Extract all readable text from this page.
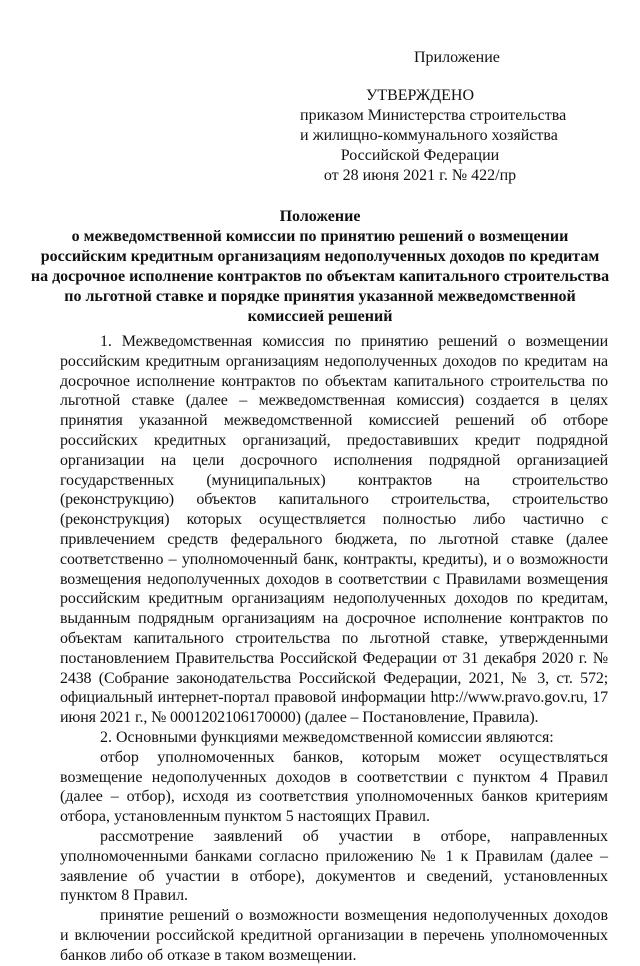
Приложение
УТВЕРЖДЕНО
приказом Министерства строительства
и жилищно-коммунального хозяйства
Российской Федерации
от 28 июня 2021 г. № 422/пр
Положение
о межведомственной комиссии по принятию решений о возмещении
российским кредитным организациям недополученных доходов по кредитам
на досрочное исполнение контрактов по объектам капитального строительства
по льготной ставке и порядке принятия указанной межведомственной
комиссией решений

1. Межведомственная комиссия по принятию решений о возмещении российским кредитным организациям недополученных доходов по кредитам на досрочное исполнение контрактов по объектам капитального строительства по льготной ставке (далее – межведомственная комиссия) создается в целях принятия указанной межведомственной комиссией решений об отборе российских кредитных организаций, предоставивших кредит подрядной организации на цели досрочного исполнения подрядной организацией государственных (муниципальных) контрактов на строительство (реконструкцию) объектов капитального строительства, строительство (реконструкция) которых осуществляется полностью либо частично с привлечением средств федерального бюджета, по льготной ставке (далее соответственно – уполномоченный банк, контракты, кредиты), и о возможности возмещения недополученных доходов в соответствии с Правилами возмещения российским кредитным организациям недополученных доходов по кредитам, выданным подрядным организациям на досрочное исполнение контрактов по объектам капитального строительства по льготной ставке, утвержденными постановлением Правительства Российской Федерации от 31 декабря 2020 г. № 2438 (Собрание законодательства Российской Федерации, 2021, № 3, ст. 572; официальный интернет-портал правовой информации http://www.pravo.gov.ru, 17 июня 2021 г., № 0001202106170000) (далее – Постановление, Правила).

2. Основными функциями межведомственной комиссии являются:

отбор уполномоченных банков, которым может осуществляться возмещение недополученных доходов в соответствии с пунктом 4 Правил (далее – отбор), исходя из соответствия уполномоченных банков критериям отбора, установленным пунктом 5 настоящих Правил.

рассмотрение заявлений об участии в отборе, направленных уполномоченными банками согласно приложению № 1 к Правилам (далее – заявление об участии в отборе), документов и сведений, установленных пунктом 8 Правил.

принятие решений о возможности возмещения недополученных доходов и включении российской кредитной организации в перечень уполномоченных банков либо об отказе в таком возмещении.
